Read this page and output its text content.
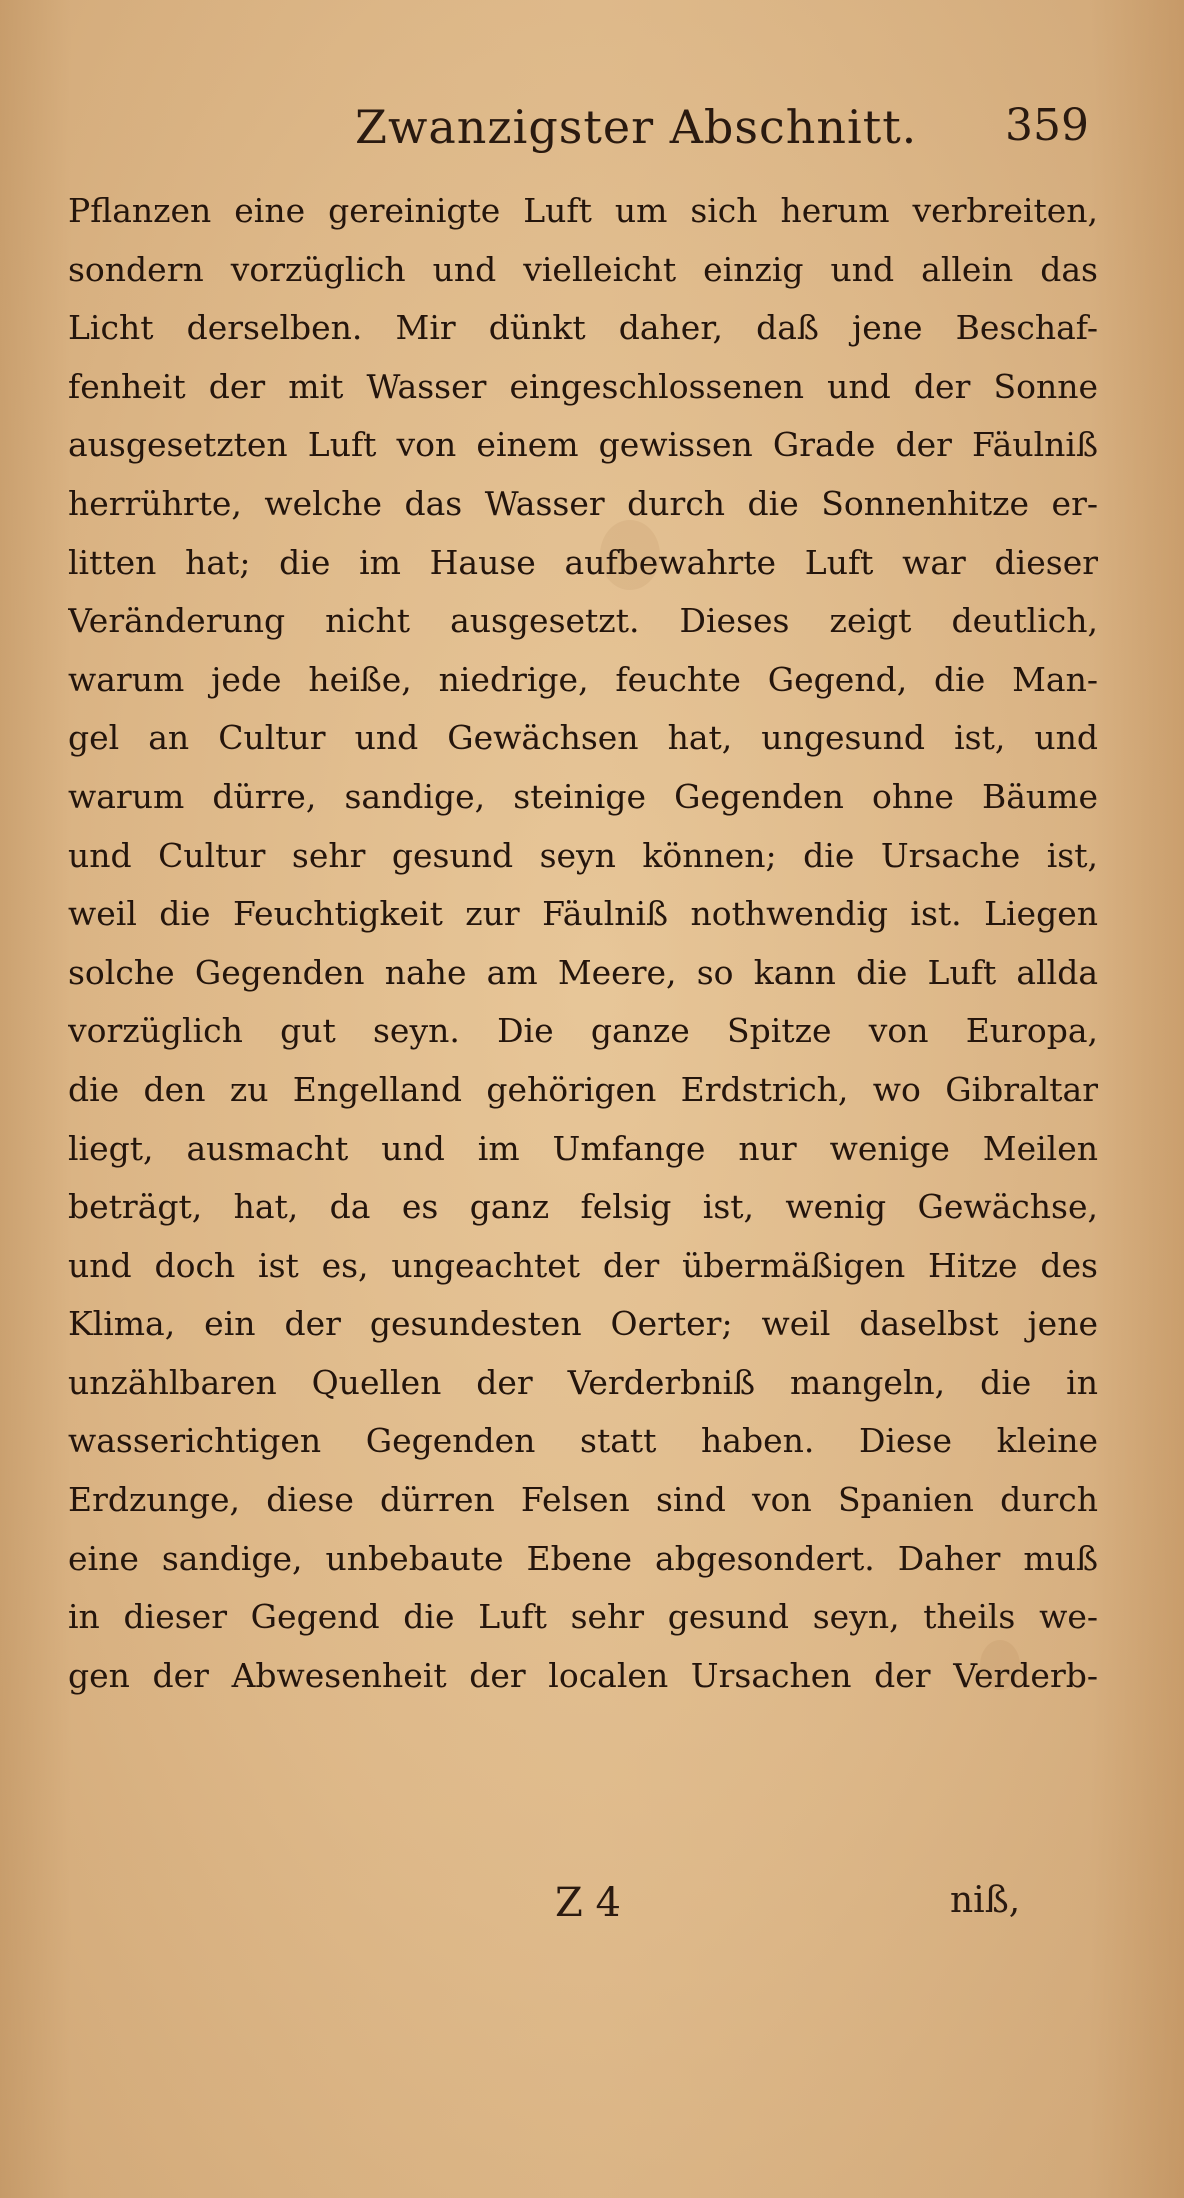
Zwanzigster Abschnitt. 359
Pflanzen eine gereinigte Luft um sich herum verbreiten,
sondern vorzüglich und vielleicht einzig und allein das
Licht derselben. Mir dünkt daher, daß jene Beschaf-
fenheit der mit Wasser eingeschlossenen und der Sonne
ausgesetzten Luft von einem gewissen Grade der Fäulniß
herrührte, welche das Wasser durch die Sonnenhitze er-
litten hat; die im Hause aufbewahrte Luft war dieser
Veränderung nicht ausgesetzt. Dieses zeigt deutlich,
warum jede heiße, niedrige, feuchte Gegend, die Man-
gel an Cultur und Gewächsen hat, ungesund ist, und
warum dürre, sandige, steinige Gegenden ohne Bäume
und Cultur sehr gesund seyn können; die Ursache ist,
weil die Feuchtigkeit zur Fäulniß nothwendig ist. Liegen
solche Gegenden nahe am Meere, so kann die Luft allda
vorzüglich gut seyn. Die ganze Spitze von Europa,
die den zu Engelland gehörigen Erdstrich, wo Gibraltar
liegt, ausmacht und im Umfange nur wenige Meilen
beträgt, hat, da es ganz felsig ist, wenig Gewächse,
und doch ist es, ungeachtet der übermäßigen Hitze des
Klima, ein der gesundesten Oerter; weil daselbst jene
unzählbaren Quellen der Verderbniß mangeln, die in
wasserichtigen Gegenden statt haben. Diese kleine
Erdzunge, diese dürren Felsen sind von Spanien durch
eine sandige, unbebaute Ebene abgesondert. Daher muß
in dieser Gegend die Luft sehr gesund seyn, theils we-
gen der Abwesenheit der localen Ursachen der Verderb-
Z 4	niß,
